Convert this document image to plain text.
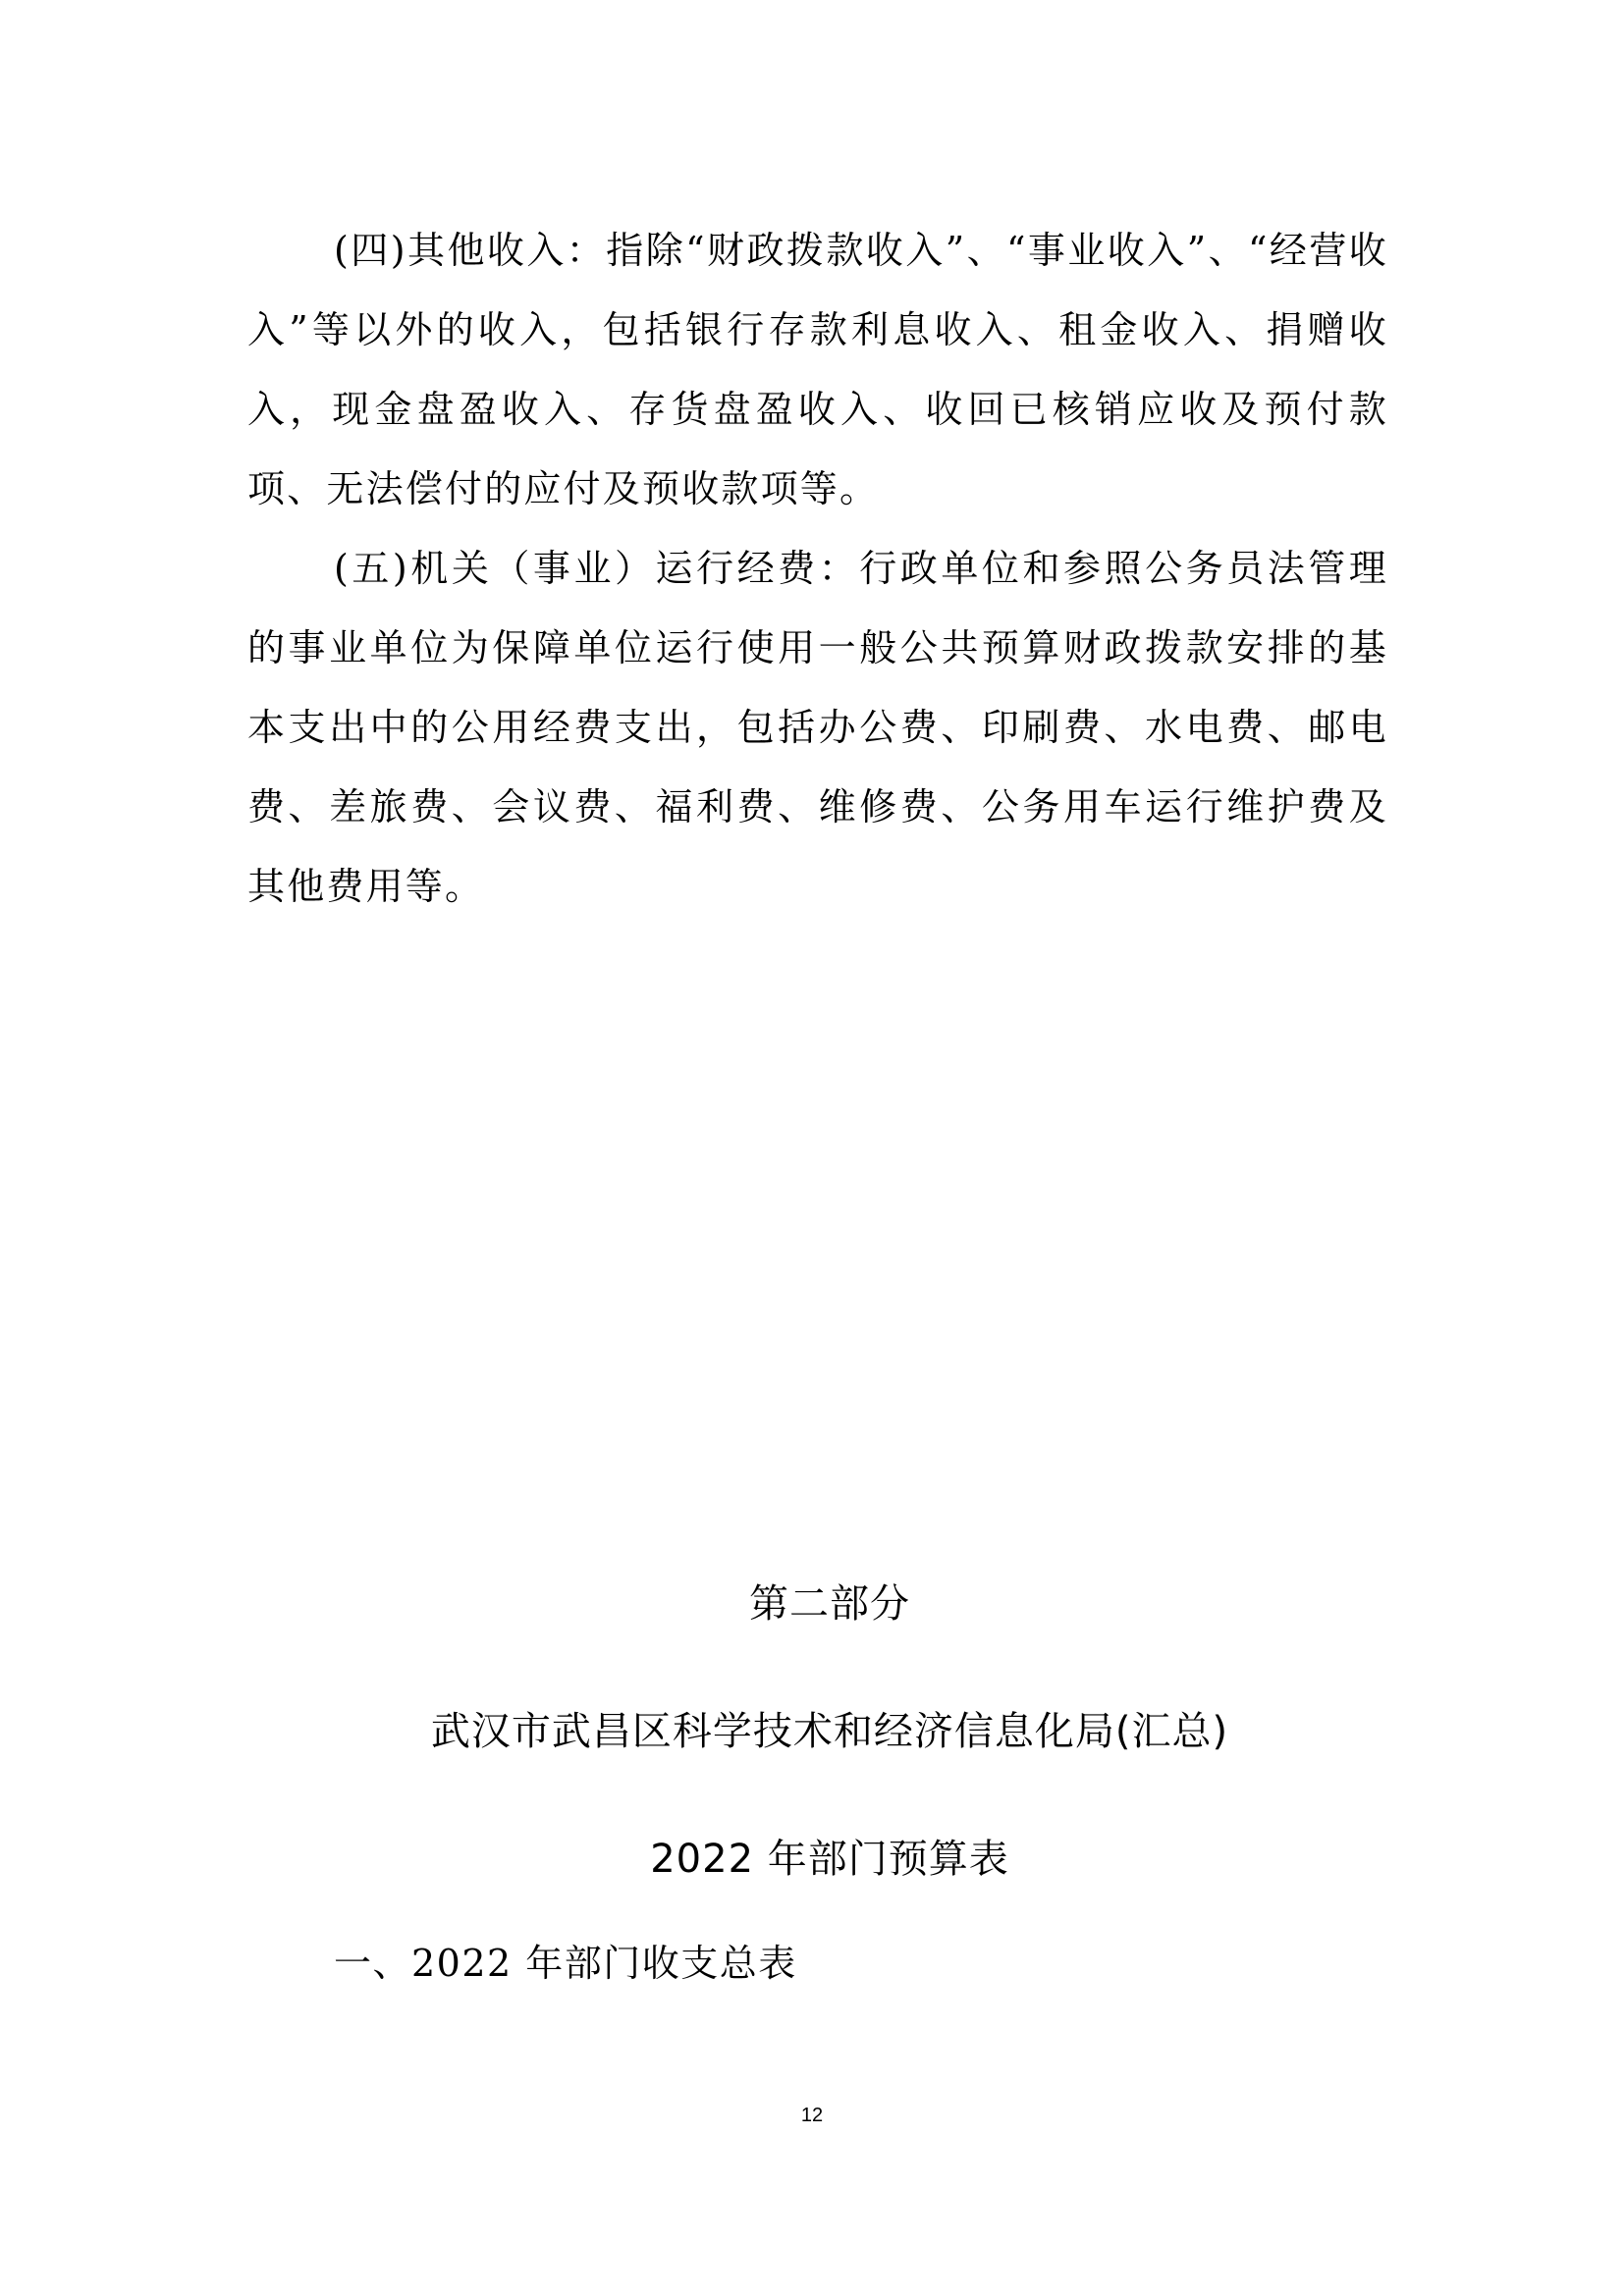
(四)其他收入：指除“财政拨款收入”、“事业收入”、“经营收入”等以外的收入，包括银行存款利息收入、租金收入、捐赠收入，现金盘盈收入、存货盘盈收入、收回已核销应收及预付款项、无法偿付的应付及预收款项等。

(五)机关（事业）运行经费：行政单位和参照公务员法管理的事业单位为保障单位运行使用一般公共预算财政拨款安排的基本支出中的公用经费支出，包括办公费、印刷费、水电费、邮电费、差旅费、会议费、福利费、维修费、公务用车运行维护费及其他费用等。

第二部分
武汉市武昌区科学技术和经济信息化局(汇总)
2022 年部门预算表

一、2022 年部门收支总表

12
